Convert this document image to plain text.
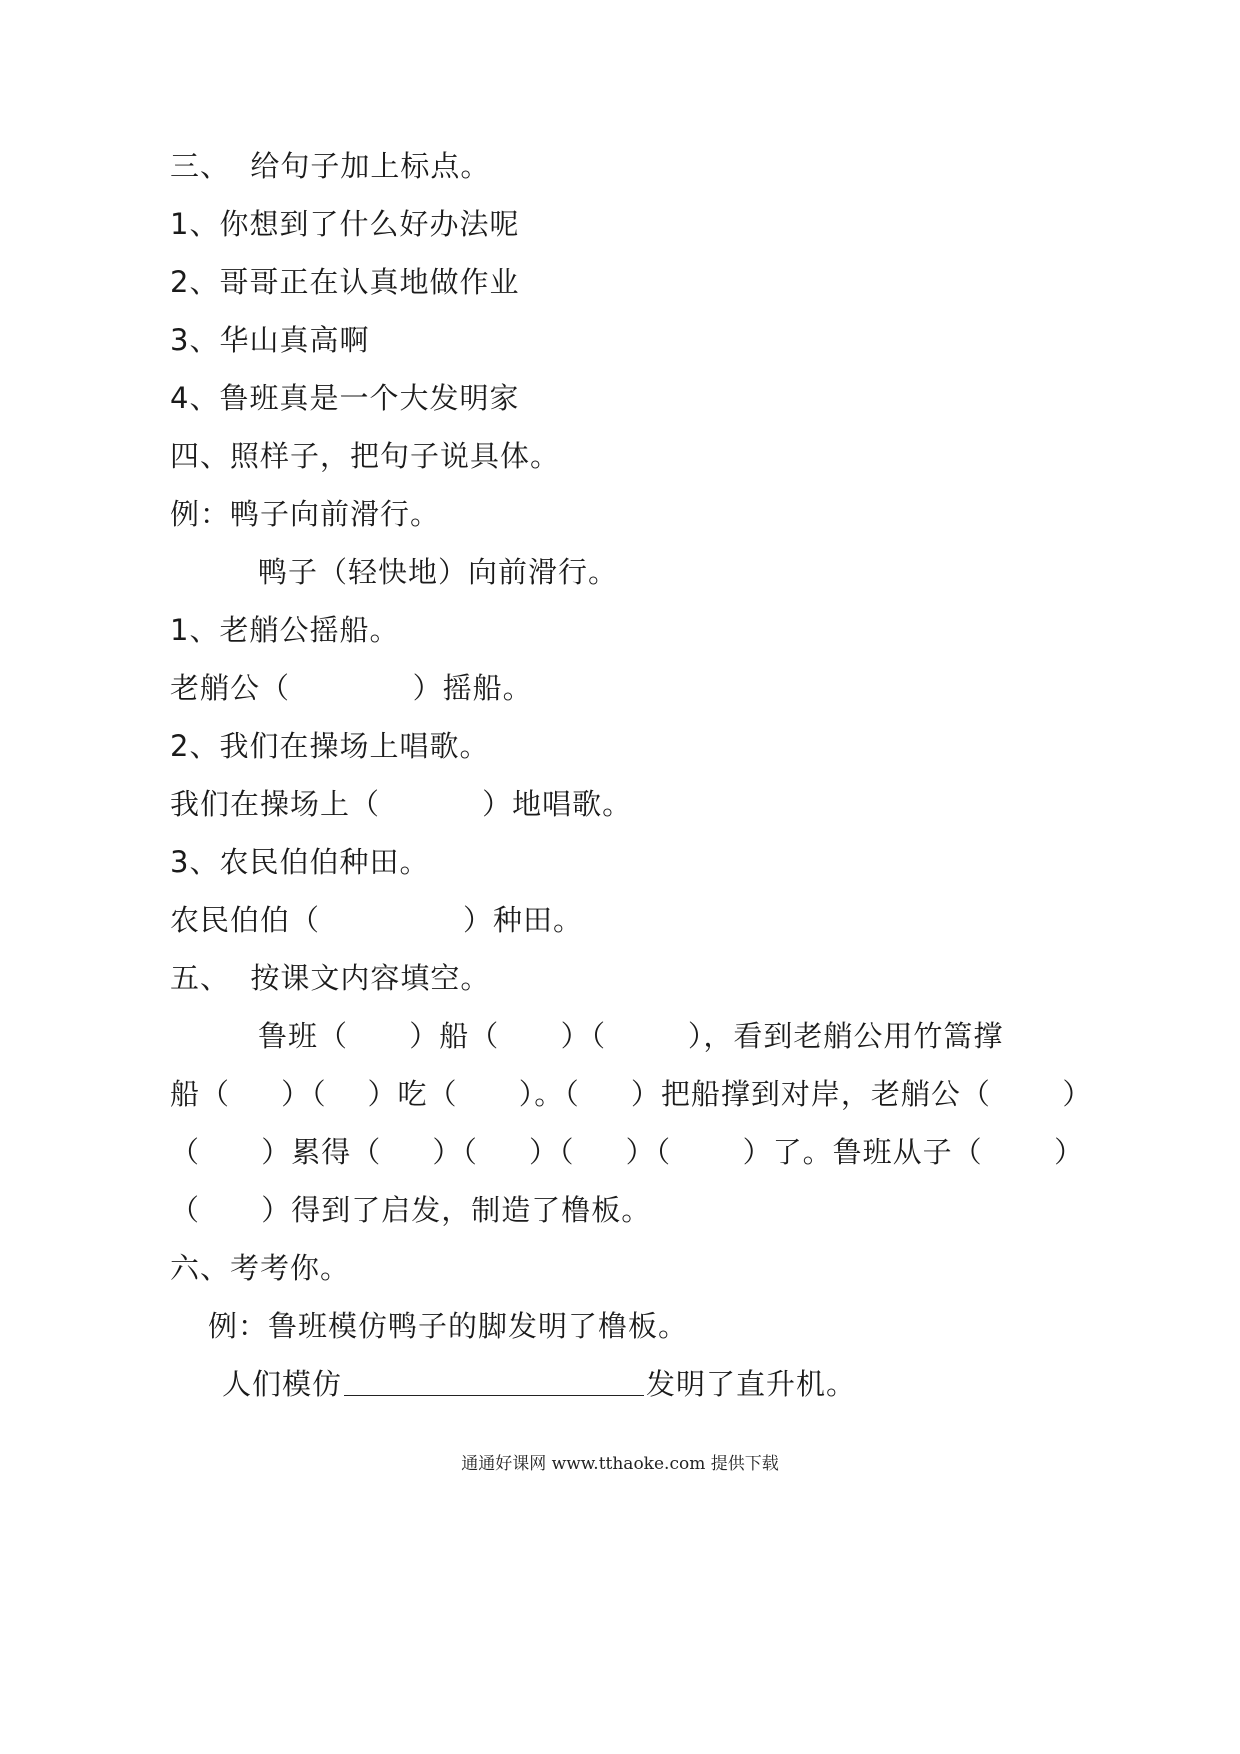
三、  给句子加上标点。

1、你想到了什么好办法呢

2、哥哥正在认真地做作业

3、华山真高啊

4、鲁班真是一个大发明家

四、照样子，把句子说具体。

例：鸭子向前滑行。

鸭子（轻快地）向前滑行。

1、老艄公摇船。

老艄公（            ）摇船。

2、我们在操场上唱歌。

我们在操场上（          ）地唱歌。

3、农民伯伯种田。

农民伯伯（              ）种田。

五、  按课文内容填空。

鲁班（      ）船（      ）（        ），看到老艄公用竹篙撑

船（     ）（    ）吃（      ）。（     ）把船撑到对岸，老艄公（       ）

（      ）累得（     ）（     ）（     ）（       ）了。鲁班从子（       ）

（      ）得到了启发，制造了橹板。

六、考考你。

例：鲁班模仿鸭子的脚发明了橹板。

人们模仿	发明了直升机。

通通好课网 www.tthaoke.com 提供下载
